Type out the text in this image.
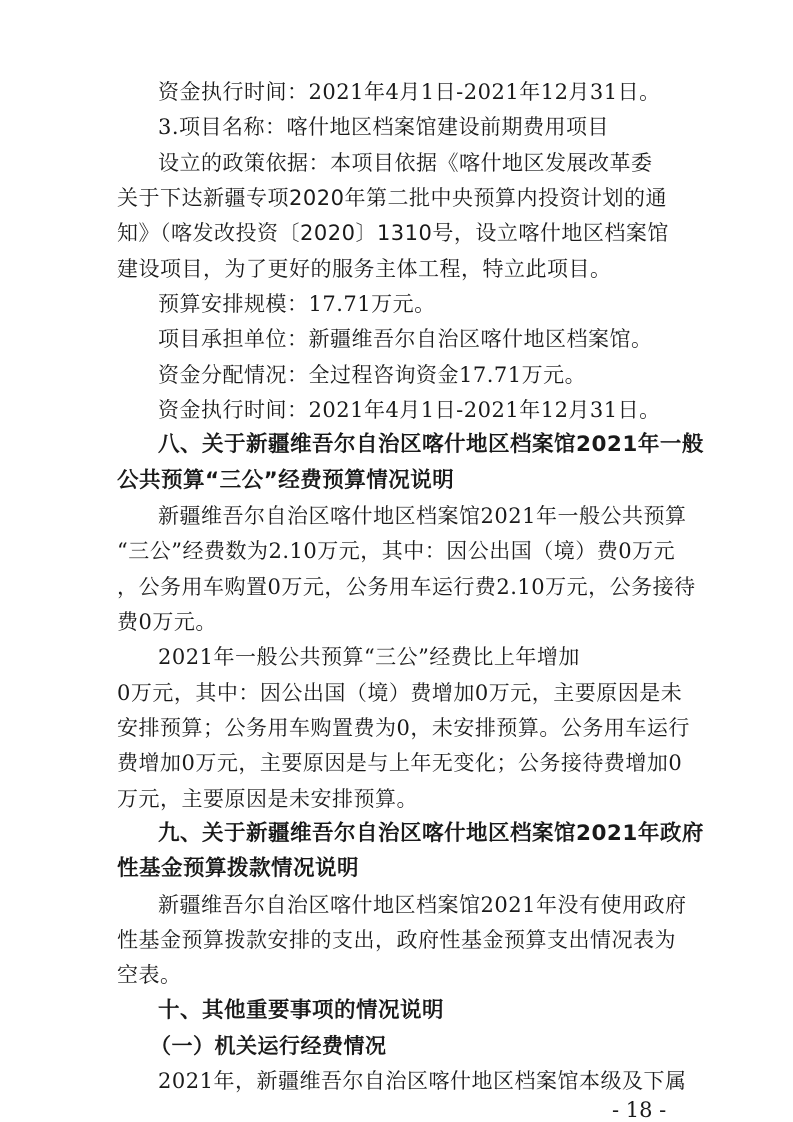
资金执行时间：2021年4月1日-2021年12月31日。
3.项目名称：喀什地区档案馆建设前期费用项目
设立的政策依据：本项目依据《喀什地区发展改革委
关于下达新疆专项2020年第二批中央预算内投资计划的通
知》（喀发改投资〔2020〕1310号，设立喀什地区档案馆
建设项目，为了更好的服务主体工程，特立此项目。
预算安排规模：17.71万元。
项目承担单位：新疆维吾尔自治区喀什地区档案馆。
资金分配情况：全过程咨询资金17.71万元。
资金执行时间：2021年4月1日-2021年12月31日。
八、关于新疆维吾尔自治区喀什地区档案馆2021年一般
公共预算“三公”经费预算情况说明
新疆维吾尔自治区喀什地区档案馆2021年一般公共预算
“三公”经费数为2.10万元，其中：因公出国（境）费0万元
，公务用车购置0万元，公务用车运行费2.10万元，公务接待
费0万元。
2021年一般公共预算“三公”经费比上年增加
0万元，其中：因公出国（境）费增加0万元，主要原因是未
安排预算；公务用车购置费为0，未安排预算。公务用车运行
费增加0万元，主要原因是与上年无变化；公务接待费增加0
万元，主要原因是未安排预算。
九、关于新疆维吾尔自治区喀什地区档案馆2021年政府
性基金预算拨款情况说明
新疆维吾尔自治区喀什地区档案馆2021年没有使用政府
性基金预算拨款安排的支出，政府性基金预算支出情况表为
空表。
十、其他重要事项的情况说明
（一）机关运行经费情况
2021年，新疆维吾尔自治区喀什地区档案馆本级及下属
- 18 -
